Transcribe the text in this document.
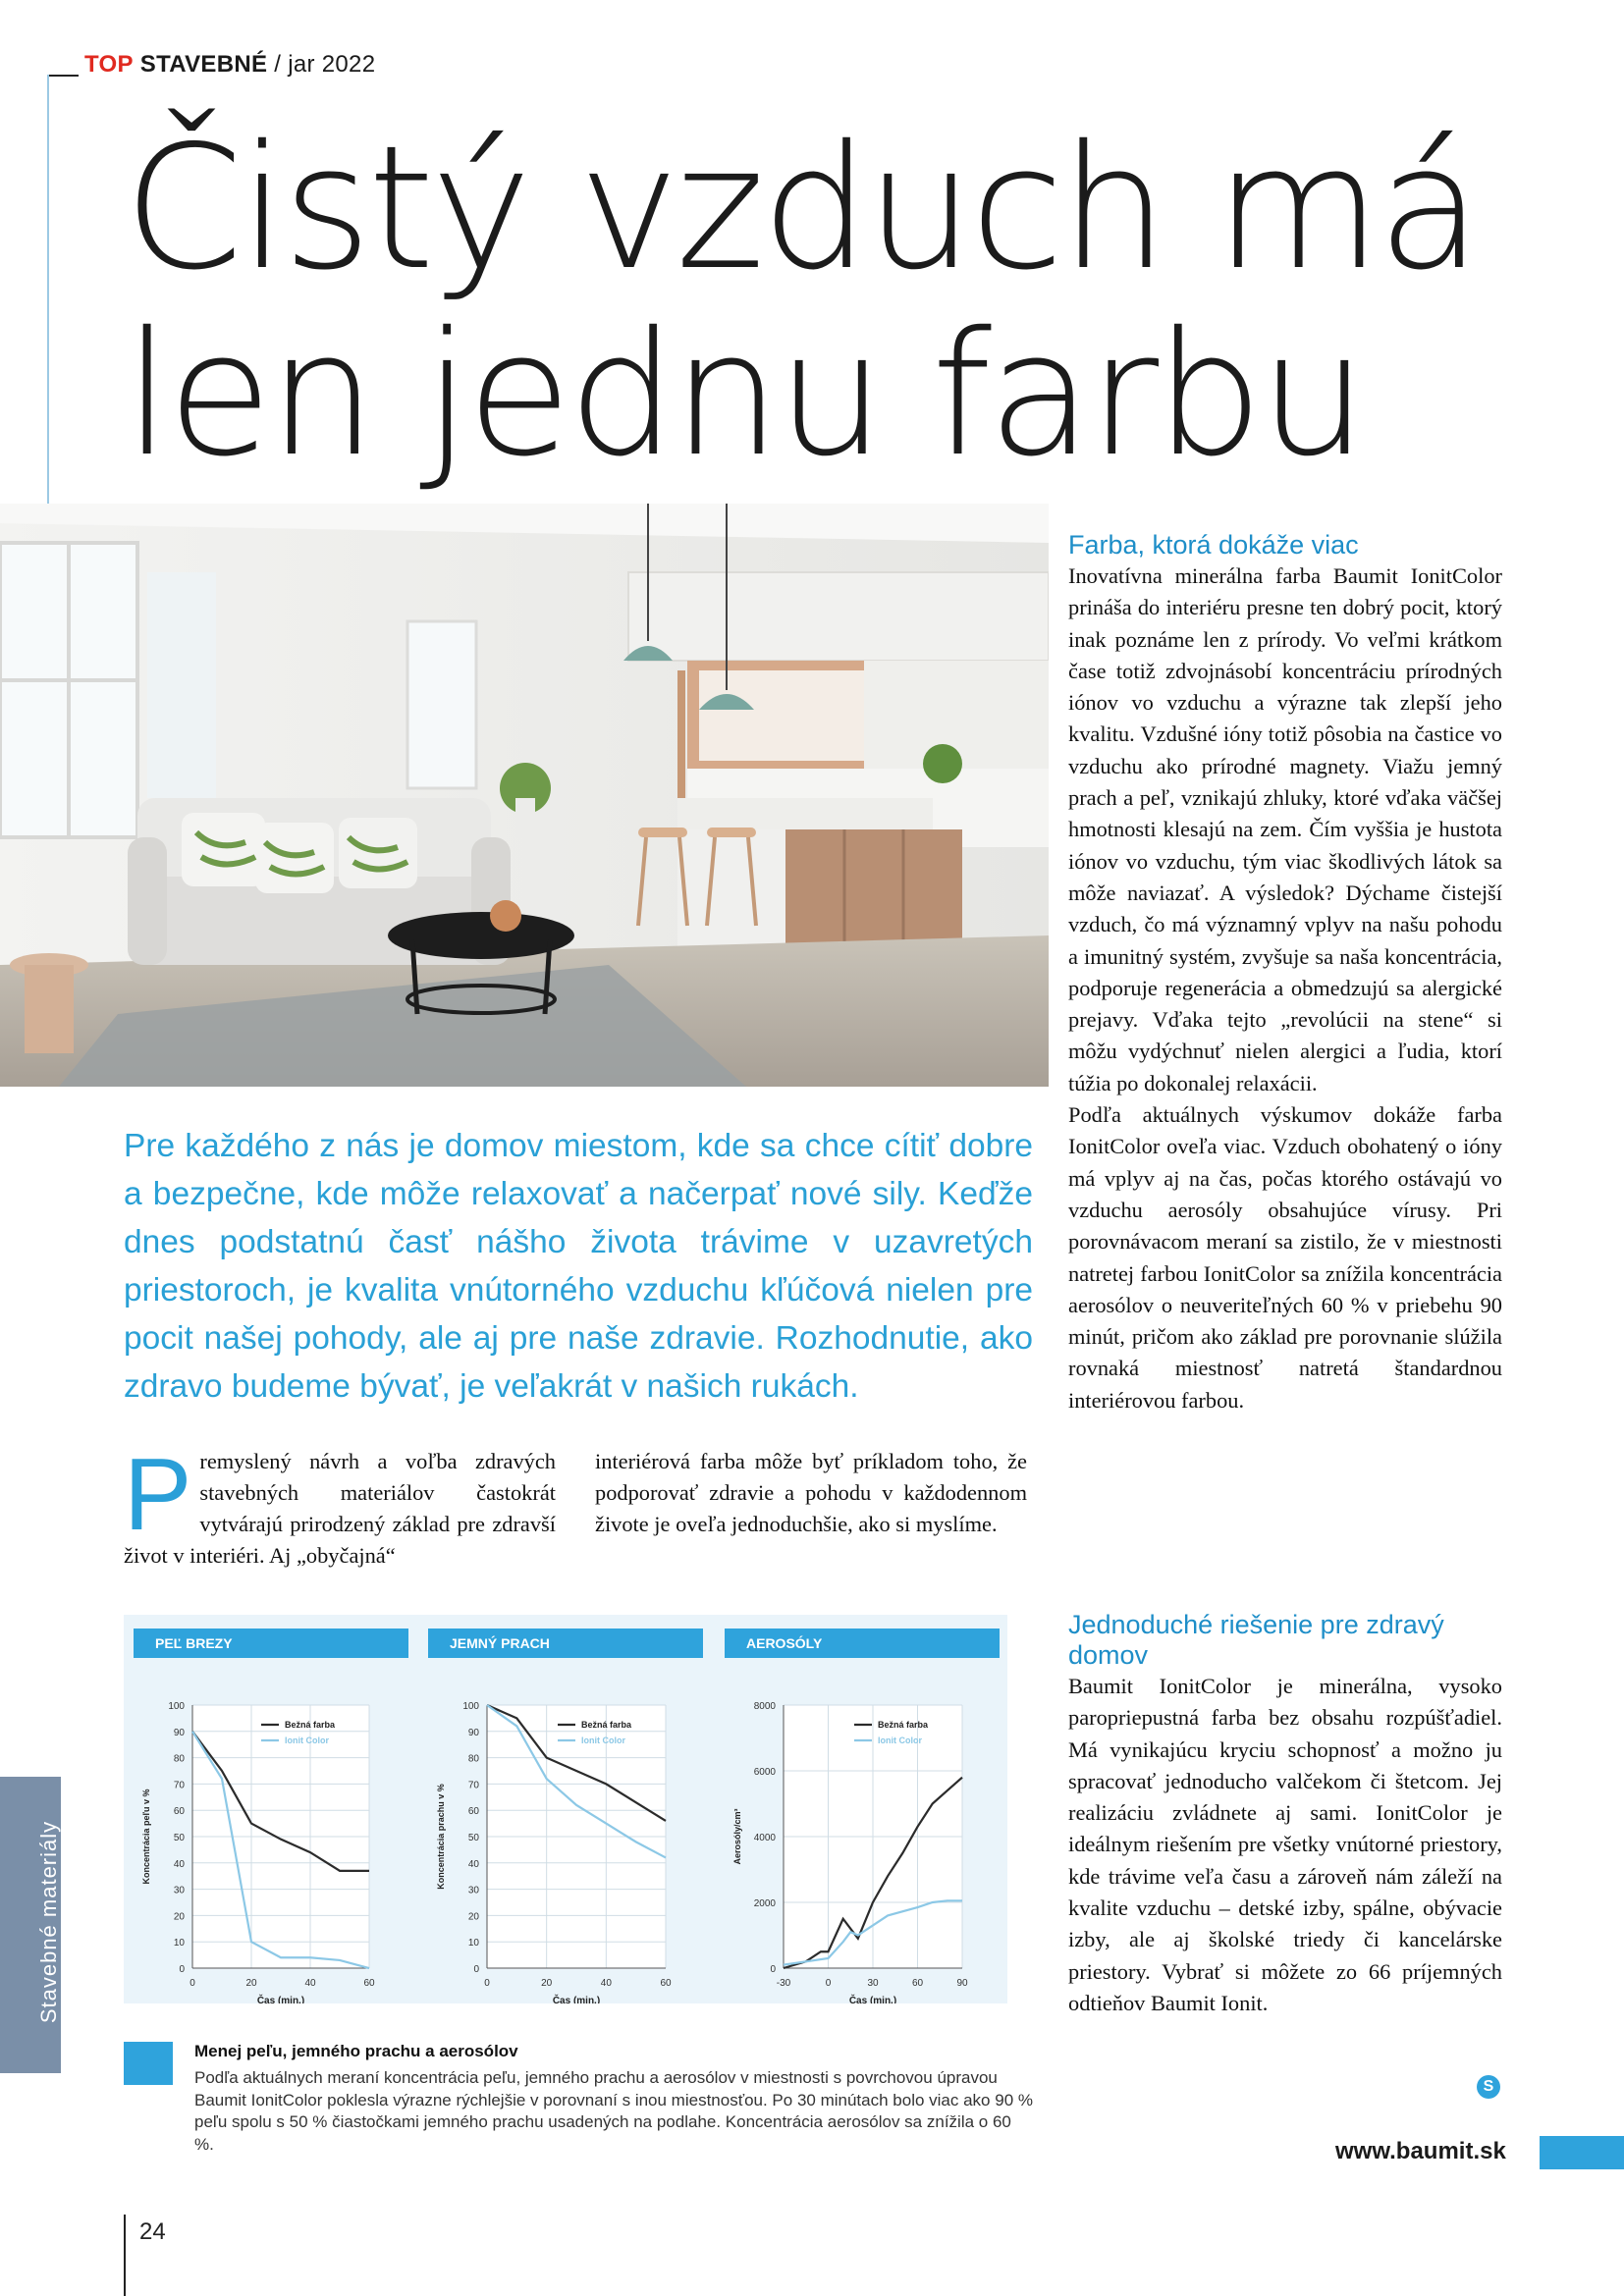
TOP STAVEBNÉ / jar 2022
Čistý vzduch má
len jednu farbu
Farba, ktorá dokáže viac
Inovatívna minerálna farba Baumit IonitColor prináša do interiéru presne ten dobrý pocit, ktorý inak poznáme len z prírody. Vo veľmi krátkom čase totiž zdvojnásobí koncentráciu prírodných iónov vo vzduchu a výrazne tak zlepší jeho kvalitu. Vzdušné ióny totiž pôsobia na častice vo vzduchu ako prírodné magnety. Viažu jemný prach a peľ, vznikajú zhluky, ktoré vďaka väčšej hmotnosti klesajú na zem. Čím vyššia je hustota iónov vo vzduchu, tým viac škodlivých látok sa môže naviazať. A výsledok? Dýchame čistejší vzduch, čo má významný vplyv na našu pohodu a imunitný systém, zvyšuje sa naša koncentrácia, podporuje regenerácia a obmedzujú sa alergické prejavy. Vďaka tejto „revolúcii na stene“ si môžu vydýchnuť nielen alergici a ľudia, ktorí túžia po dokonalej relaxácii.
Podľa aktuálnych výskumov dokáže farba IonitColor oveľa viac. Vzduch obohatený o ióny má vplyv aj na čas, počas ktorého ostávajú vo vzduchu aerosóly obsahujúce vírusy. Pri porovnávacom meraní sa zistilo, že v miestnosti natretej farbou IonitColor sa znížila koncentrácia aerosólov o neuveriteľných 60 % v priebehu 90 minút, pričom ako základ pre porovnanie slúžila rovnaká miestnosť natretá štandardnou interiérovou farbou.
Jednoduché riešenie pre zdravý domov
Baumit IonitColor je minerálna, vysoko paropriepustná farba bez obsahu rozpúšťadiel. Má vynikajúcu kryciu schopnosť a možno ju spracovať jednoducho valčekom či štetcom. Jej realizáciu zvládnete aj sami. IonitColor je ideálnym riešením pre všetky vnútorné priestory, kde trávime veľa času a zároveň nám záleží na kvalite vzduchu – detské izby, spálne, obývacie izby, ale aj školské triedy či kancelárske priestory. Vybrať si môžete zo 66 príjemných odtieňov Baumit Ionit.
S
Pre každého z nás je domov miestom, kde sa chce cítiť dobre a bezpečne, kde môže relaxovať a načerpať nové sily. Keďže dnes podstatnú časť nášho života trávime v uzavretých priestoroch, je kvalita vnútorného vzduchu kľúčová nielen pre pocit našej pohody, ale aj pre naše zdravie. Rozhodnutie, ako zdravo budeme bývať, je veľakrát v našich rukách.
P remyslený návrh a voľba zdravých stavebných materiálov častokrát vytvárajú prirodzený základ pre zdravší život v interiéri. Aj „obyčajná“
interiérová farba môže byť príkladom toho, že podporovať zdravie a pohodu v každodennom živote je oveľa jednoduchšie, ako si myslíme.
PEĽ BREZY
0
10
20
30
40
50
60
70
80
90
100
0	20	40	60
Čas (min.)
Koncentrácia peľu v %
Bežná farba
Ionit Color
JEMNÝ PRACH
0
10
20
30
40
50
60
70
80
90
100
0	20	40	60
Čas (min.)
Koncentrácia prachu v %
Bežná farba
Ionit Color
AEROSÓLY
0
2000
4000
6000
8000
-30	0	30	60	90
Čas (min.)
Aerosóly/cm³
Bežná farba
Ionit Color
Menej peľu, jemného prachu a aerosólov
Podľa aktuálnych meraní koncentrácia peľu, jemného prachu a aerosólov v miestnosti s povrchovou úpravou Baumit IonitColor poklesla výrazne rýchlejšie v porovnaní s inou miestnosťou. Po 30 minútach bolo viac ako 90 % peľu spolu s 50 % čiastočkami jemného prachu usadených na podlahe. Koncentrácia aerosólov sa znížila o 60 %.
Stavebné materiály
24
www.baumit.sk
